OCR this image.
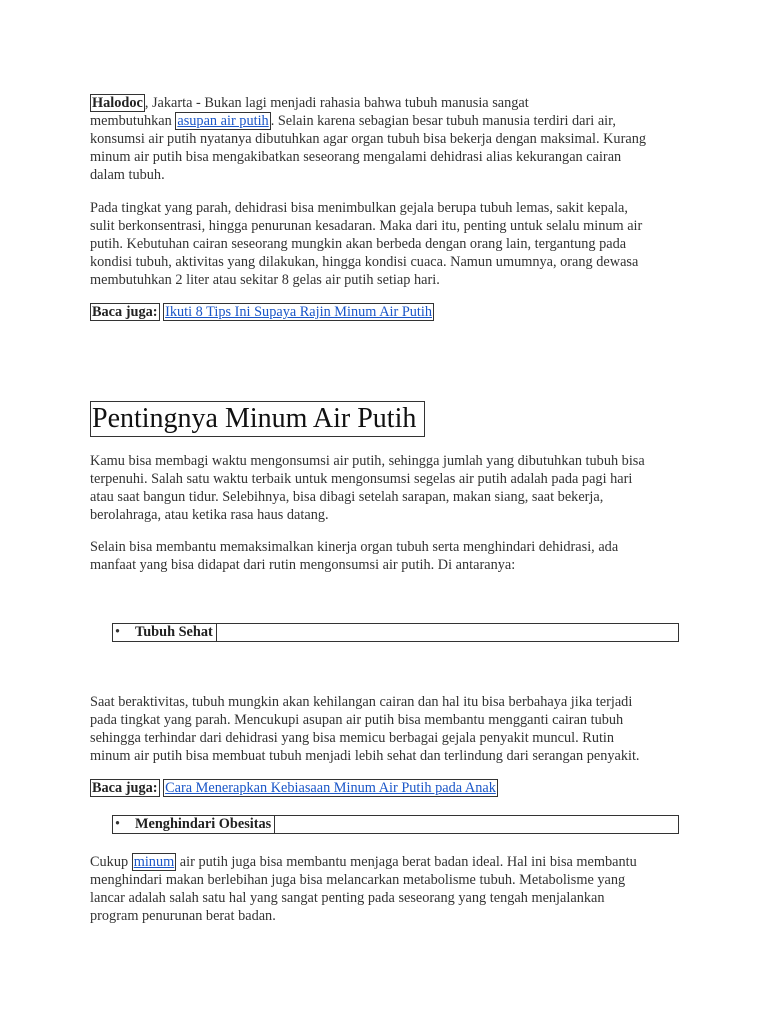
Halodoc , Jakarta - Bukan lagi menjadi rahasia bahwa tubuh manusia sangat
membutuhkan asupan air putih . Selain karena sebagian besar tubuh manusia terdiri dari air,
konsumsi air putih nyatanya dibutuhkan agar organ tubuh bisa bekerja dengan maksimal. Kurang
minum air putih bisa mengakibatkan seseorang mengalami dehidrasi alias kekurangan cairan
dalam tubuh.
Pada tingkat yang parah, dehidrasi bisa menimbulkan gejala berupa tubuh lemas, sakit kepala,
sulit berkonsentrasi, hingga penurunan kesadaran. Maka dari itu, penting untuk selalu minum air
putih. Kebutuhan cairan seseorang mungkin akan berbeda dengan orang lain, tergantung pada
kondisi tubuh, aktivitas yang dilakukan, hingga kondisi cuaca. Namun umumnya, orang dewasa
membutuhkan 2 liter atau sekitar 8 gelas air putih setiap hari.
Baca juga: Ikuti 8 Tips Ini Supaya Rajin Minum Air Putih
Pentingnya Minum Air Putih
Kamu bisa membagi waktu mengonsumsi air putih, sehingga jumlah yang dibutuhkan tubuh bisa
terpenuhi. Salah satu waktu terbaik untuk mengonsumsi segelas air putih adalah pada pagi hari
atau saat bangun tidur. Selebihnya, bisa dibagi setelah sarapan, makan siang, saat bekerja,
berolahraga, atau ketika rasa haus datang.
Selain bisa membantu memaksimalkan kinerja organ tubuh serta menghindari dehidrasi, ada
manfaat yang bisa didapat dari rutin mengonsumsi air putih. Di antaranya:
• Tubuh Sehat
Saat beraktivitas, tubuh mungkin akan kehilangan cairan dan hal itu bisa berbahaya jika terjadi
pada tingkat yang parah. Mencukupi asupan air putih bisa membantu mengganti cairan tubuh
sehingga terhindar dari dehidrasi yang bisa memicu berbagai gejala penyakit muncul. Rutin
minum air putih bisa membuat tubuh menjadi lebih sehat dan terlindung dari serangan penyakit.
Baca juga: Cara Menerapkan Kebiasaan Minum Air Putih pada Anak
• Menghindari Obesitas
Cukup minum air putih juga bisa membantu menjaga berat badan ideal. Hal ini bisa membantu
menghindari makan berlebihan juga bisa melancarkan metabolisme tubuh. Metabolisme yang
lancar adalah salah satu hal yang sangat penting pada seseorang yang tengah menjalankan
program penurunan berat badan.
